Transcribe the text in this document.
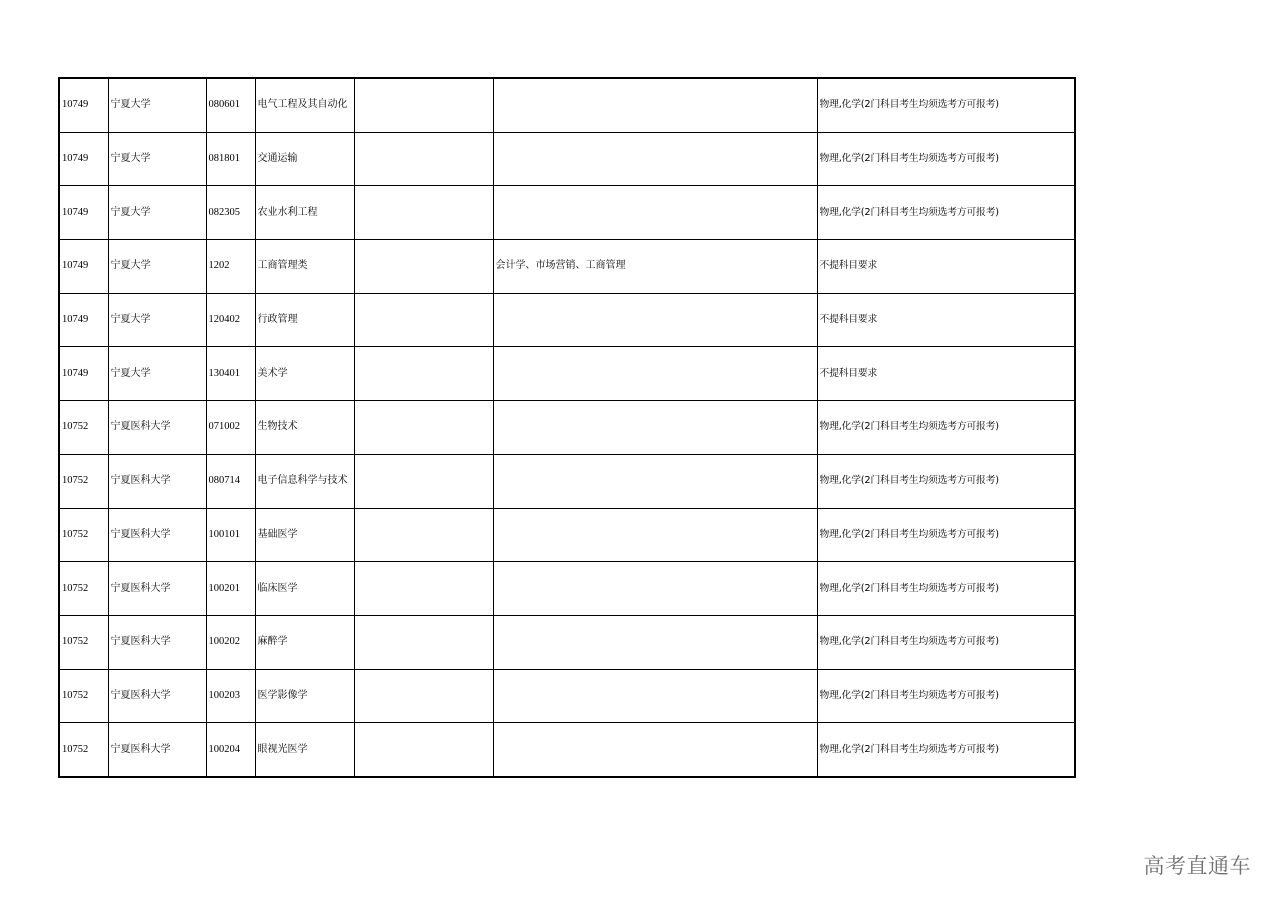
10749	宁夏大学	080601	电气工程及其自动化			物理,化学(2门科目考生均须选考方可报考)
10749	宁夏大学	081801	交通运输			物理,化学(2门科目考生均须选考方可报考)
10749	宁夏大学	082305	农业水利工程			物理,化学(2门科目考生均须选考方可报考)
10749	宁夏大学	1202	工商管理类		会计学、市场营销、工商管理	不提科目要求
10749	宁夏大学	120402	行政管理			不提科目要求
10749	宁夏大学	130401	美术学			不提科目要求
10752	宁夏医科大学	071002	生物技术			物理,化学(2门科目考生均须选考方可报考)
10752	宁夏医科大学	080714	电子信息科学与技术			物理,化学(2门科目考生均须选考方可报考)
10752	宁夏医科大学	100101	基础医学			物理,化学(2门科目考生均须选考方可报考)
10752	宁夏医科大学	100201	临床医学			物理,化学(2门科目考生均须选考方可报考)
10752	宁夏医科大学	100202	麻醉学			物理,化学(2门科目考生均须选考方可报考)
10752	宁夏医科大学	100203	医学影像学			物理,化学(2门科目考生均须选考方可报考)
10752	宁夏医科大学	100204	眼视光医学			物理,化学(2门科目考生均须选考方可报考)
高考直通车
